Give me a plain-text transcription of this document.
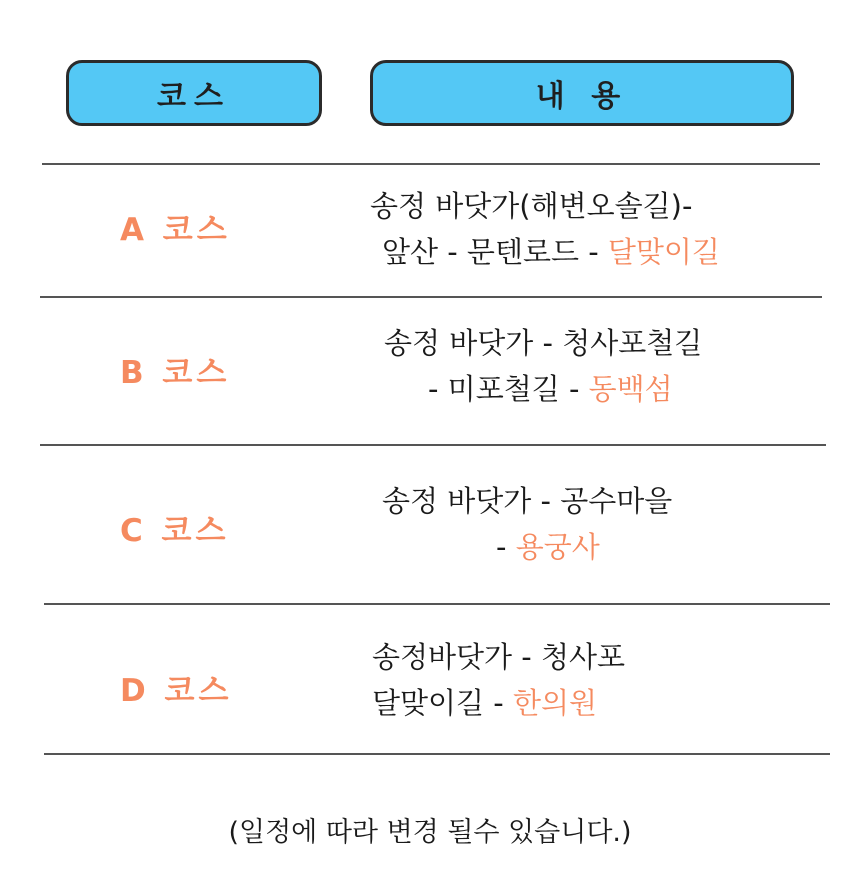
코스	내 용
A 코스
송정 바닷가(해변오솔길)-
앞산 - 문텐로드 - 달맞이길
B 코스
송정 바닷가 - 청사포철길
- 미포철길 - 동백섬
C 코스
송정 바닷가 - 공수마을
- 용궁사
D 코스
송정바닷가 - 청사포
달맞이길 - 한의원
(일정에 따라 변경 될수 있습니다.)
